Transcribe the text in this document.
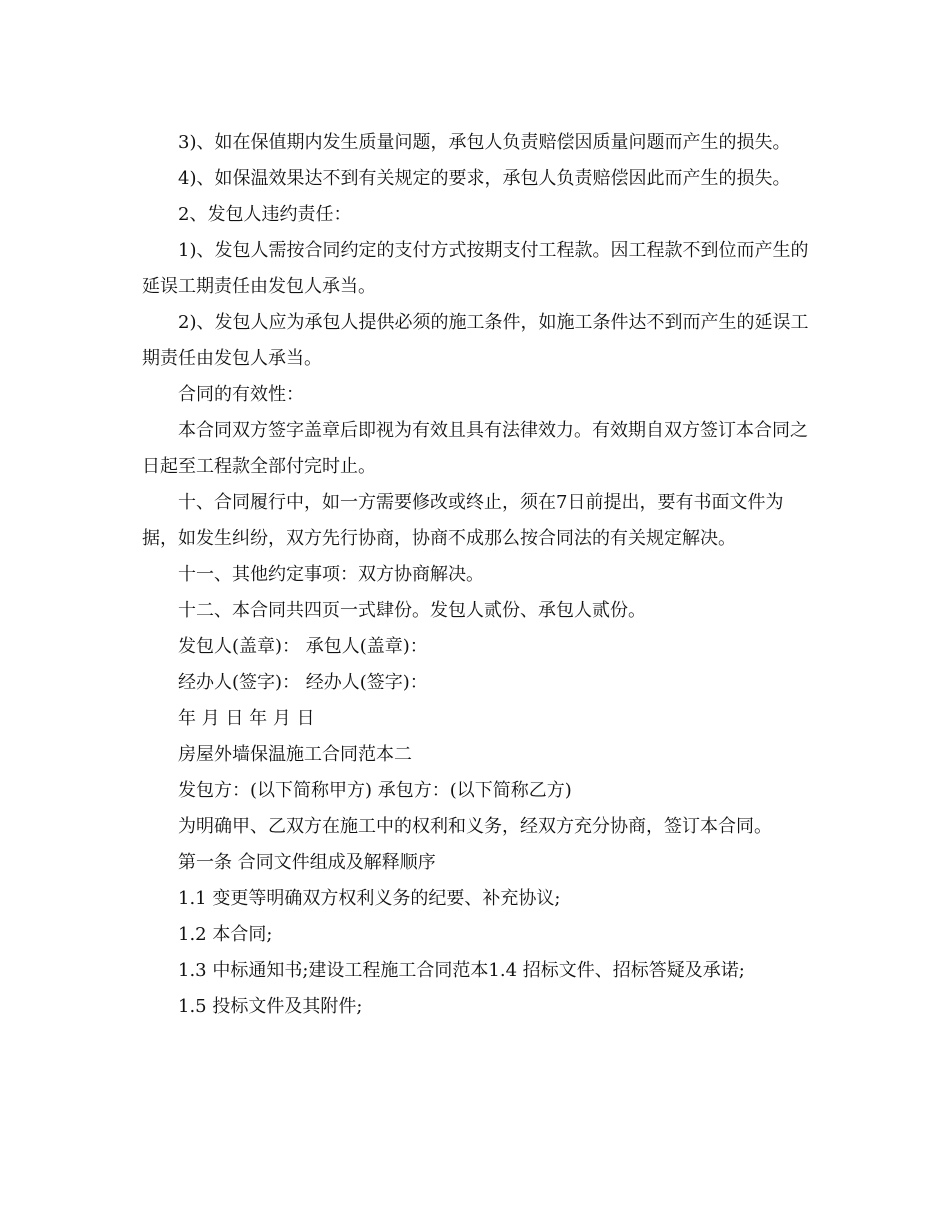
3)、如在保值期内发生质量问题，承包人负责赔偿因质量问题而产生的损失。

4)、如保温效果达不到有关规定的要求，承包人负责赔偿因此而产生的损失。

2、发包人违约责任：

1)、发包人需按合同约定的支付方式按期支付工程款。因工程款不到位而产生的延误工期责任由发包人承当。

2)、发包人应为承包人提供必须的施工条件，如施工条件达不到而产生的延误工期责任由发包人承当。

合同的有效性：

本合同双方签字盖章后即视为有效且具有法律效力。有效期自双方签订本合同之日起至工程款全部付完时止。

十、合同履行中，如一方需要修改或终止，须在7日前提出，要有书面文件为据，如发生纠纷，双方先行协商，协商不成那么按合同法的有关规定解决。

十一、其他约定事项：双方协商解决。

十二、本合同共四页一式肆份。发包人贰份、承包人贰份。

发包人(盖章)： 承包人(盖章)：

经办人(签字)： 经办人(签字)：

年 月 日 年 月 日

房屋外墙保温施工合同范本二

发包方：(以下简称甲方) 承包方：(以下简称乙方)

为明确甲、乙双方在施工中的权利和义务，经双方充分协商，签订本合同。

第一条 合同文件组成及解释顺序

1.1 变更等明确双方权利义务的纪要、补充协议;

1.2 本合同;

1.3 中标通知书;建设工程施工合同范本1.4 招标文件、招标答疑及承诺;

1.5 投标文件及其附件;
